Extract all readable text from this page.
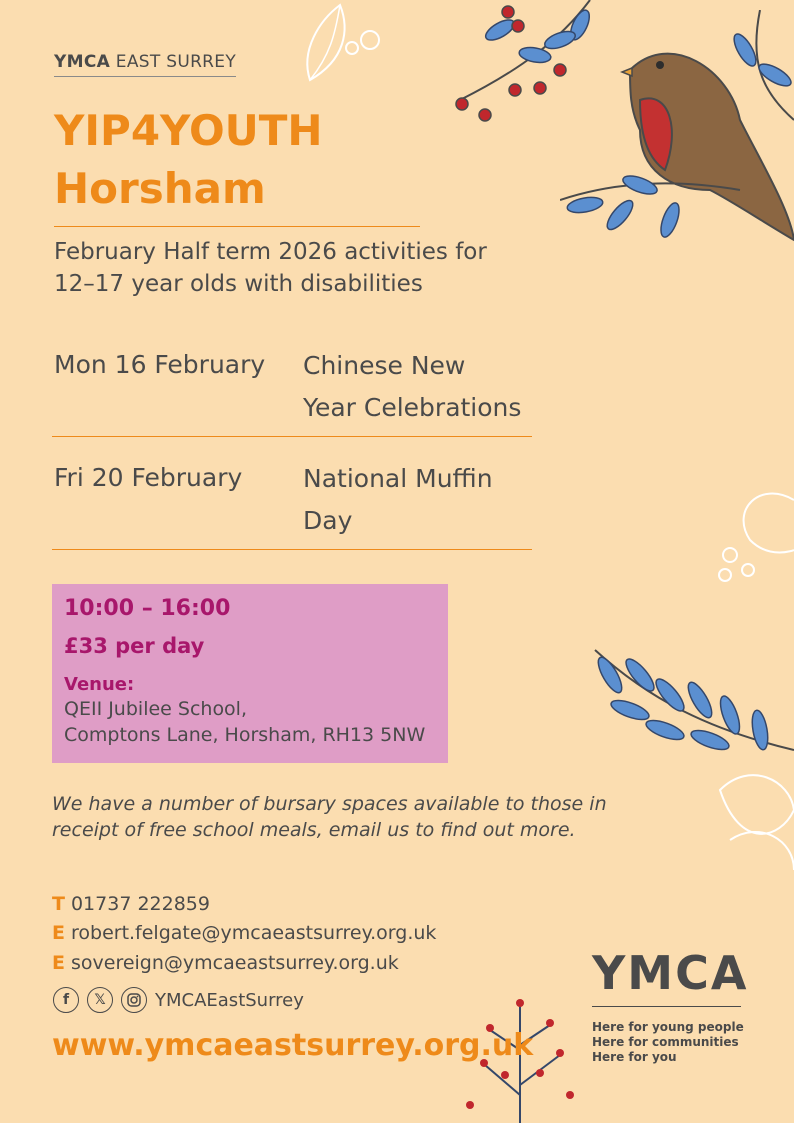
YMCA EAST SURREY
YIP4YOUTH
Horsham
February Half term 2026 activities for
12–17 year olds with disabilities
Mon 16 February Chinese New
Year Celebrations
Fri 20 February National Muffin
Day
10:00 – 16:00
£33 per day
Venue:
QEII Jubilee School,
Comptons Lane, Horsham, RH13 5NW
We have a number of bursary spaces available to those in
receipt of free school meals, email us to find out more.
T 01737 222859
E robert.felgate@ymcaeastsurrey.org.uk
E sovereign@ymcaeastsurrey.org.uk
f	𝕏	YMCAEastSurrey
www.ymcaeastsurrey.org.uk
YMCA
Here for young people
Here for communities
Here for you
